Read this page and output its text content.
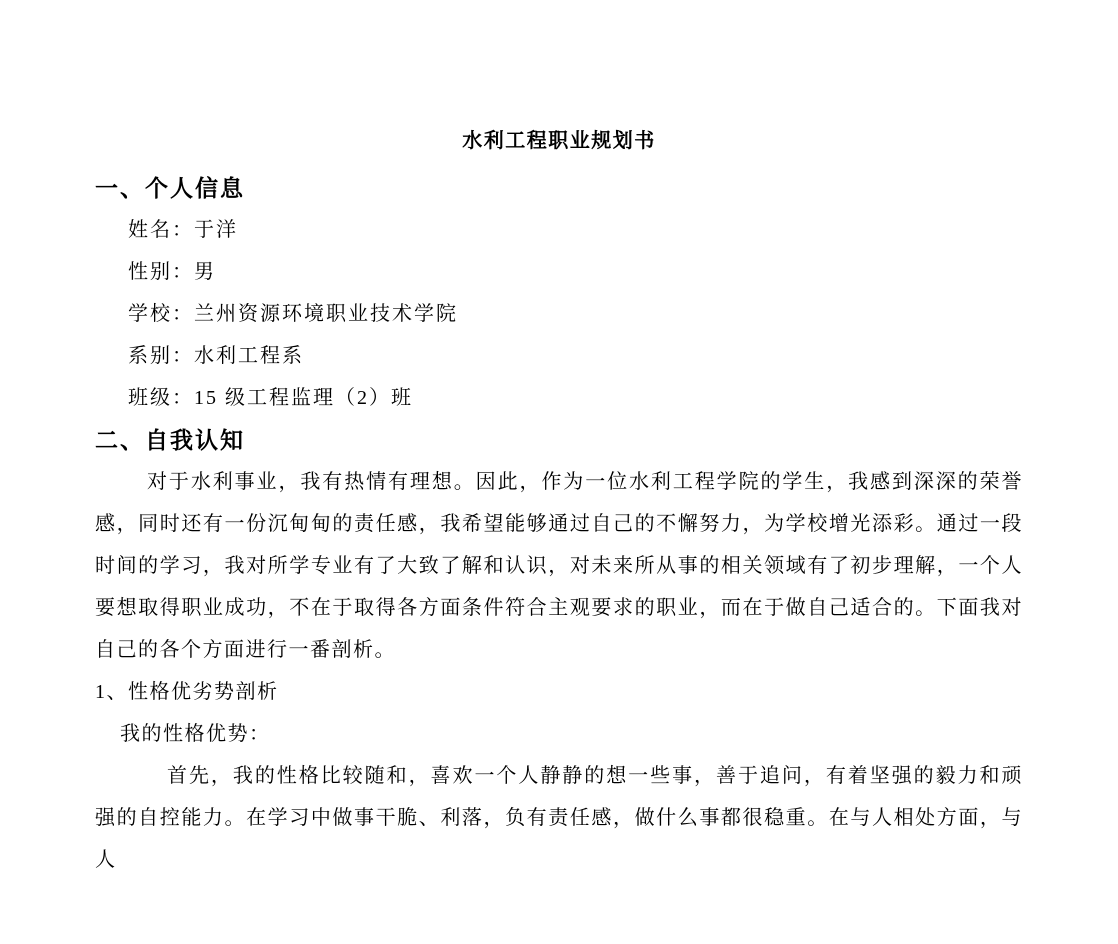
水利工程职业规划书
一、个人信息
姓名：于洋
性别：男
学校：兰州资源环境职业技术学院
系别：水利工程系
班级：15 级工程监理（2）班
二、自我认知

对于水利事业，我有热情有理想。因此，作为一位水利工程学院的学生，我感到深深的荣誉感，同时还有一份沉甸甸的责任感，我希望能够通过自己的不懈努力，为学校增光添彩。通过一段时间的学习，我对所学专业有了大致了解和认识，对未来所从事的相关领域有了初步理解，一个人要想取得职业成功，不在于取得各方面条件符合主观要求的职业，而在于做自己适合的。下面我对自己的各个方面进行一番剖析。

1、性格优劣势剖析
我的性格优势：

首先，我的性格比较随和，喜欢一个人静静的想一些事，善于追问，有着坚强的毅力和顽强的自控能力。在学习中做事干脆、利落，负有责任感，做什么事都很稳重。在与人相处方面，与人
